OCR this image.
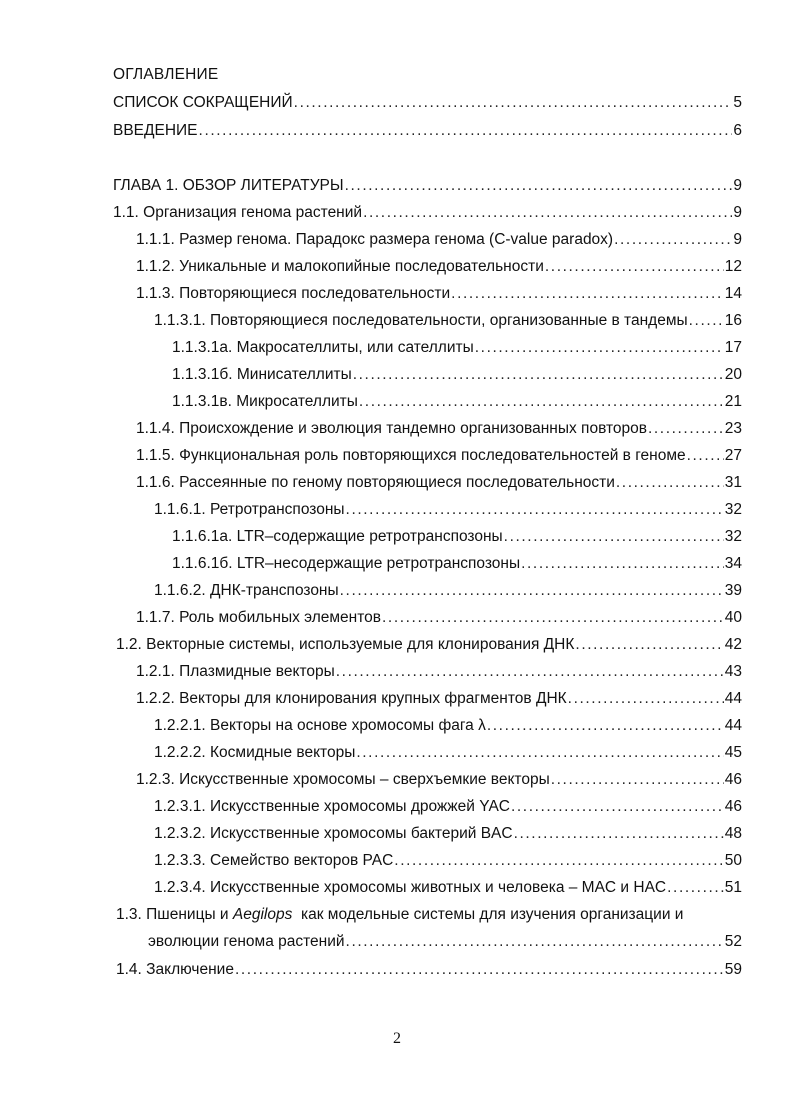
ОГЛАВЛЕНИЕ
СПИСОК СОКРАЩЕНИЙ .....	5
ВВЕДЕНИЕ .....	6
ГЛАВА 1. ОБЗОР ЛИТЕРАТУРЫ .....	9
1.1. Организация генома растений .....	9
1.1.1. Размер генома. Парадокс размера генома (C-value paradox) .....	9
1.1.2. Уникальные и малокопийные последовательности .....	12
1.1.3. Повторяющиеся последовательности .....	14
1.1.3.1. Повторяющиеся последовательности, организованные в тандемы ..... 16
1.1.3.1а. Макросателлиты, или сателлиты .....	17
1.1.3.1б. Минисателлиты .....	20
1.1.3.1в. Микросателлиты .....	21
1.1.4. Происхождение и эволюция тандемно организованных повторов .....	23
1.1.5. Функциональная роль повторяющихся последовательностей в геноме .....	27
1.1.6. Рассеянные по геному повторяющиеся последовательности .....	31
1.1.6.1. Ретротранспозоны .....	32
1.1.6.1а. LTR–содержащие ретротранспозоны .....	32
1.1.6.1б. LTR–несодержащие ретротранспозоны .....	34
1.1.6.2. ДНК-транспозоны .....	39
1.1.7. Роль мобильных элементов .....	40
1.2. Векторные системы, используемые для клонирования ДНК .....	42
1.2.1. Плазмидные векторы .....	43
1.2.2. Векторы для клонирования крупных фрагментов ДНК .....	44
1.2.2.1. Векторы на основе хромосомы фага λ .....	44
1.2.2.2. Космидные векторы .....	45
1.2.3. Искусственные хромосомы – сверхъемкие векторы .....	46
1.2.3.1. Искусственные хромосомы дрожжей YAC .....	46
1.2.3.2. Искусственные хромосомы бактерий BAC .....	48
1.2.3.3. Семейство векторов PAC .....	50
1.2.3.4. Искусственные хромосомы животных и человека – MAC и HAC .....	51
1.3. Пшеницы и Aegilops  как модельные системы для изучения организации и
эволюции генома растений .....	52
1.4. Заключение .....	59
2
